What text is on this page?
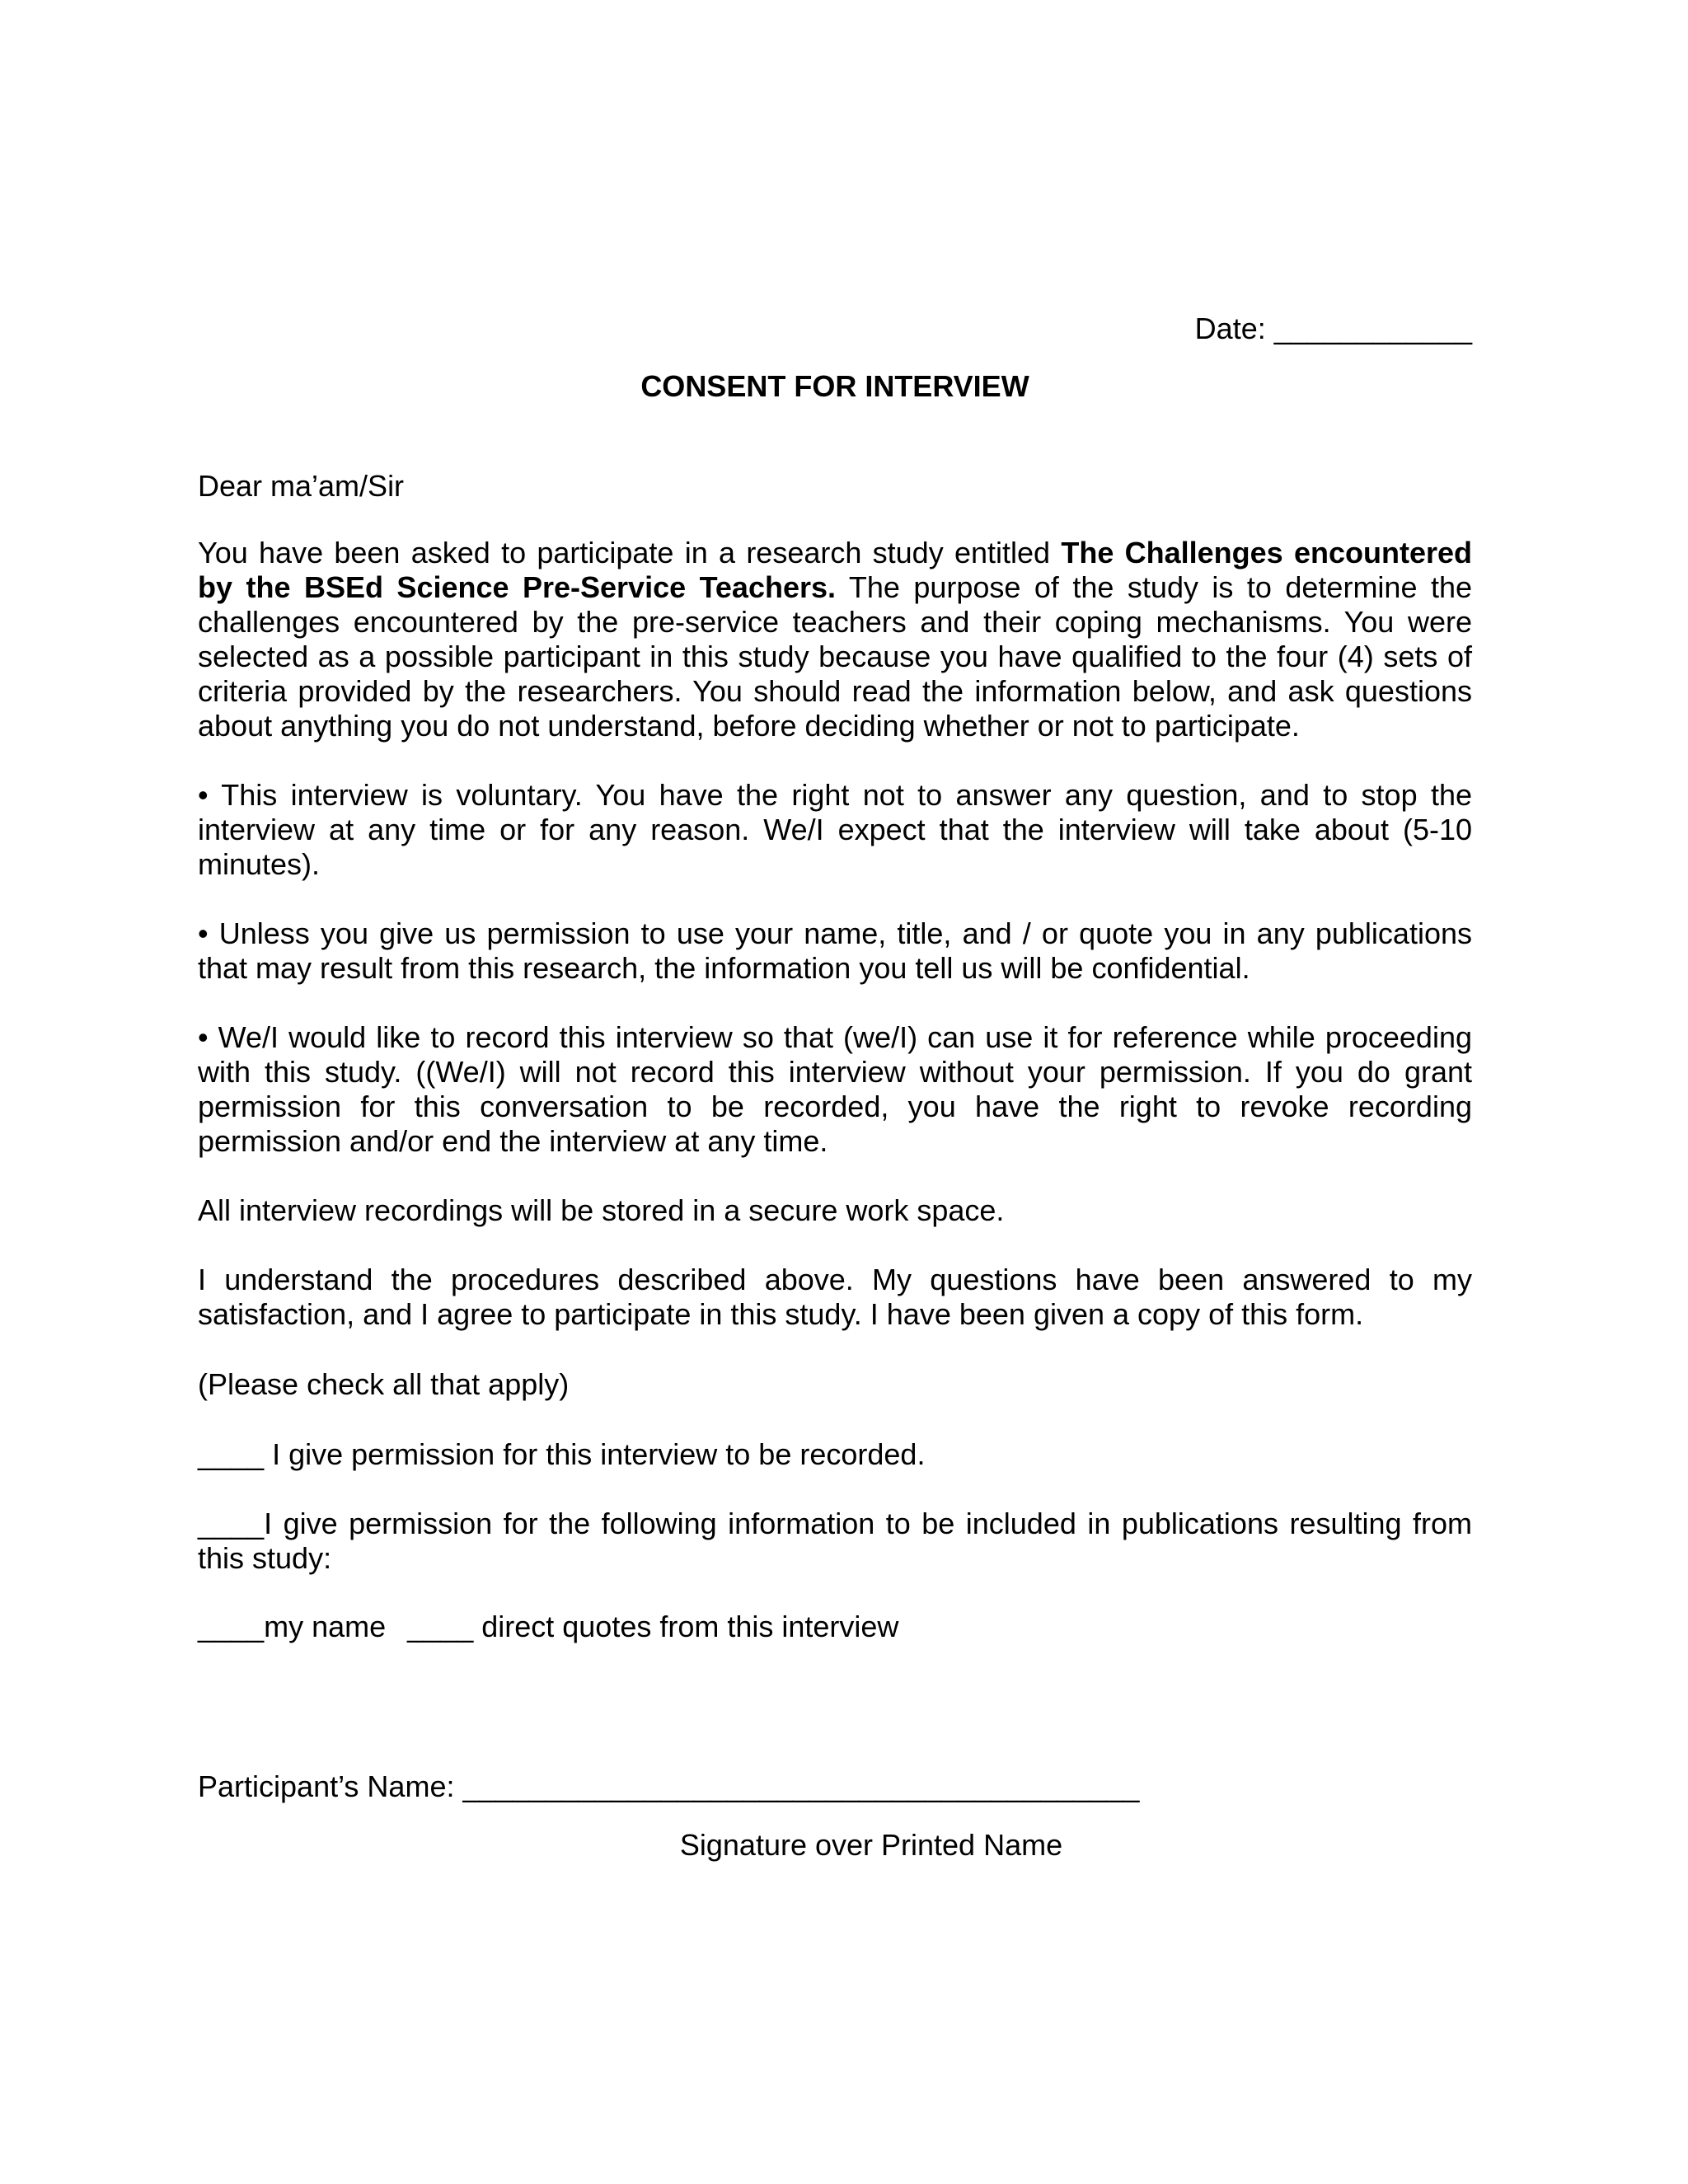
Date: ____________
CONSENT FOR INTERVIEW
Dear ma’am/Sir
You have been asked to participate in a research study entitled The Challenges encountered by the BSEd Science Pre-Service Teachers. The purpose of the study is to determine the challenges encountered by the pre-service teachers and their coping mechanisms. You were selected as a possible participant in this study because you have qualified to the four (4) sets of criteria provided by the researchers. You should read the information below, and ask questions about anything you do not understand, before deciding whether or not to participate.
• This interview is voluntary. You have the right not to answer any question, and to stop the interview at any time or for any reason. We/I expect that the interview will take about (5-10 minutes).
• Unless you give us permission to use your name, title, and / or quote you in any publications that may result from this research, the information you tell us will be confidential.
• We/I would like to record this interview so that (we/I) can use it for reference while proceeding with this study. ((We/I) will not record this interview without your permission. If you do grant permission for this conversation to be recorded, you have the right to revoke recording permission and/or end the interview at any time.
All interview recordings will be stored in a secure work space.
I understand the procedures described above. My questions have been answered to my satisfaction, and I agree to participate in this study. I have been given a copy of this form.
(Please check all that apply)
____ I give permission for this interview to be recorded.
____I give permission for the following information to be included in publications resulting from this study:
____my name ____ direct quotes from this interview
Participant’s Name: _________________________________________
Signature over Printed Name
